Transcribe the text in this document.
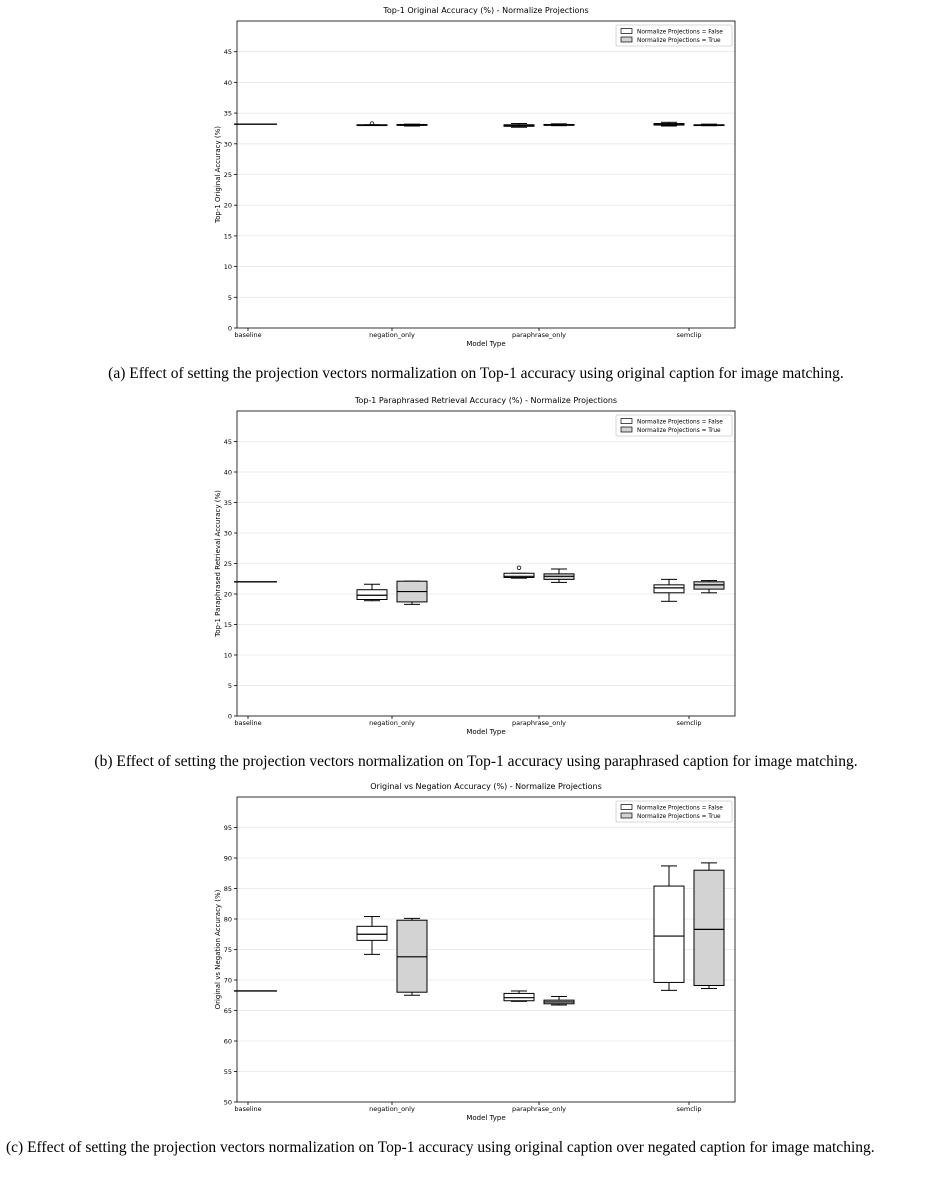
Top-1 Original Accuracy (%) - Normalize Projections
0
5
10
15
20
25
30
35
40
45
baseline	negation_only	paraphrase_only	semclip
Model Type
Top-1 Original Accuracy (%)
Normalize Projections = False
Normalize Projections = True
(a) Effect of setting the projection vectors normalization on Top-1 accuracy using original caption for image matching.
Top-1 Paraphrased Retrieval Accuracy (%) - Normalize Projections
0
5
10
15
20
25
30
35
40
45
baseline	negation_only	paraphrase_only	semclip
Model Type
Top-1 Paraphrased Retrieval Accuracy (%)
Normalize Projections = False
Normalize Projections = True
(b) Effect of setting the projection vectors normalization on Top-1 accuracy using paraphrased caption for image matching.
Original vs Negation Accuracy (%) - Normalize Projections
50
55
60
65
70
75
80
85
90
95
baseline	negation_only	paraphrase_only	semclip
Model Type
Original vs Negation Accuracy (%)
Normalize Projections = False
Normalize Projections = True
(c) Effect of setting the projection vectors normalization on Top-1 accuracy using original caption over negated caption for image matching.
